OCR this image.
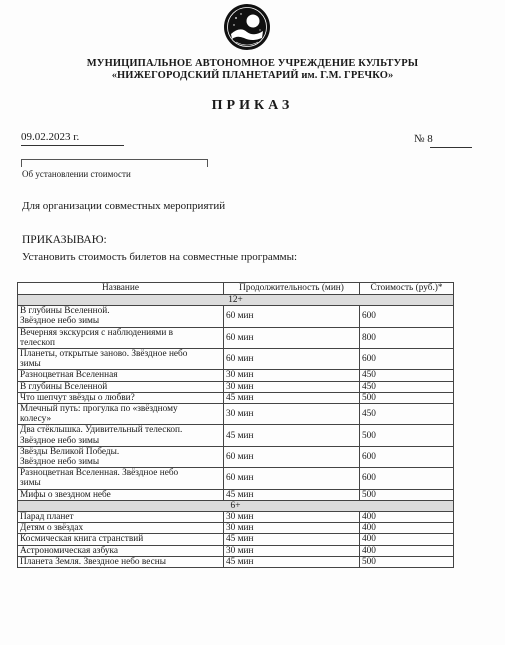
МУНИЦИПАЛЬНОЕ АВТОНОМНОЕ УЧРЕЖДЕНИЕ КУЛЬТУРЫ
«НИЖЕГОРОДСКИЙ ПЛАНЕТАРИЙ им. Г.М. ГРЕЧКО»
ПРИКАЗ
09.02.2023 г.	№ 8
Об установлении стоимости
Для организации совместных мероприятий
ПРИКАЗЫВАЮ:
Установить стоимость билетов на совместные программы:
Название	Продолжительность (мин)	Стоимость (руб.)*
12+		

В глубины Вселенной.
Звёздное небо зимы	60 мин	600

Вечерняя экскурсия с наблюдениями в
телескоп	60 мин	800

Планеты, открытые заново. Звёздное небо
зимы	60 мин	600

Разноцветная Вселенная	30 мин	450

В глубины Вселенной	30 мин	450

Что шепчут звёзды о любви?	45 мин	500

Млечный путь: прогулка по «звёздному
колесу»	30 мин	450

Два стёклышка. Удивительный телескоп.
Звёздное небо зимы	45 мин	500

Звёзды Великой Победы.
Звёздное небо зимы	60 мин	600

Разноцветная Вселенная. Звёздное небо
зимы	60 мин	600

Мифы о звездном небе	45 мин	500
6+		

Парад планет	30 мин	400

Детям о звёздах	30 мин	400

Космическая книга странствий	45 мин	400

Астрономическая азбука	30 мин	400

Планета Земля. Звездное небо весны	45 мин	500
